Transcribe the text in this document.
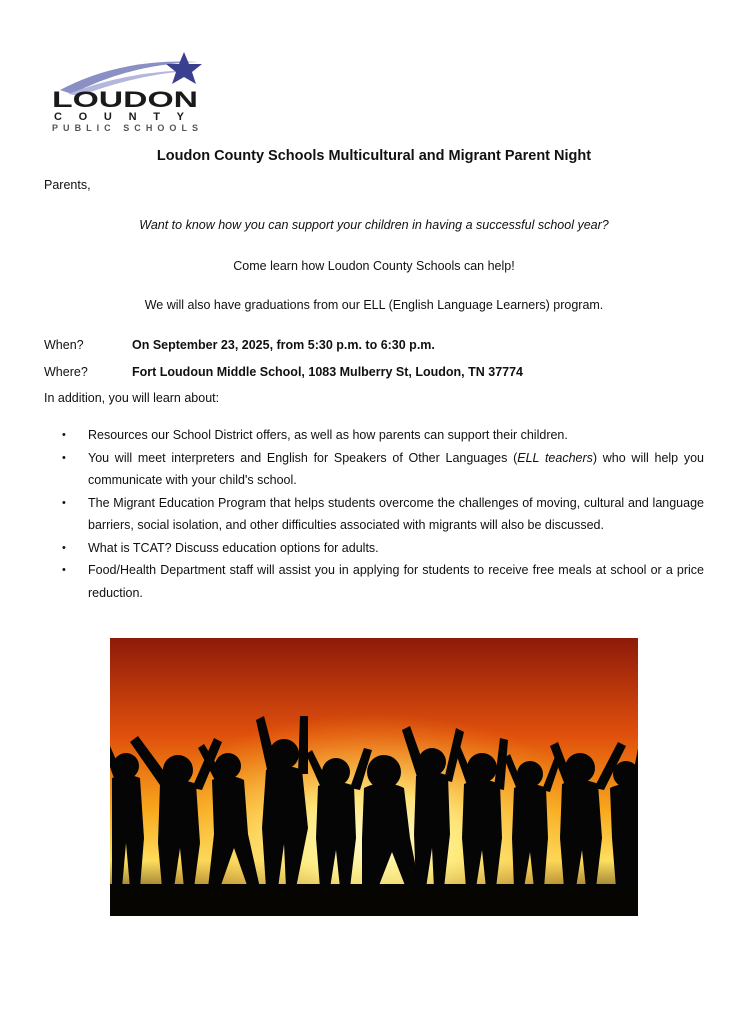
LOUDON
COUNTY
PUBLIC SCHOOLS
Loudon County Schools Multicultural and Migrant Parent Night
Parents,
Want to know how you can support your children in having a successful school year?
Come learn how Loudon County Schools can help!
We will also have graduations from our ELL (English Language Learners) program.
When?	On September 23, 2025, from 5:30 p.m. to 6:30 p.m.
Where?	Fort Loudoun Middle School, 1083 Mulberry St, Loudon, TN 37774
In addition, you will learn about:
•	Resources our School District offers, as well as how parents can support their children.
•	You will meet interpreters and English for Speakers of Other Languages (ELL teachers) who will help you communicate with your child's school.
•	The Migrant Education Program that helps students overcome the challenges of moving, cultural and language barriers, social isolation, and other difficulties associated with migrants will also be discussed.
•	What is TCAT? Discuss education options for adults.
•	Food/Health Department staff will assist you in applying for students to receive free meals at school or a price reduction.
